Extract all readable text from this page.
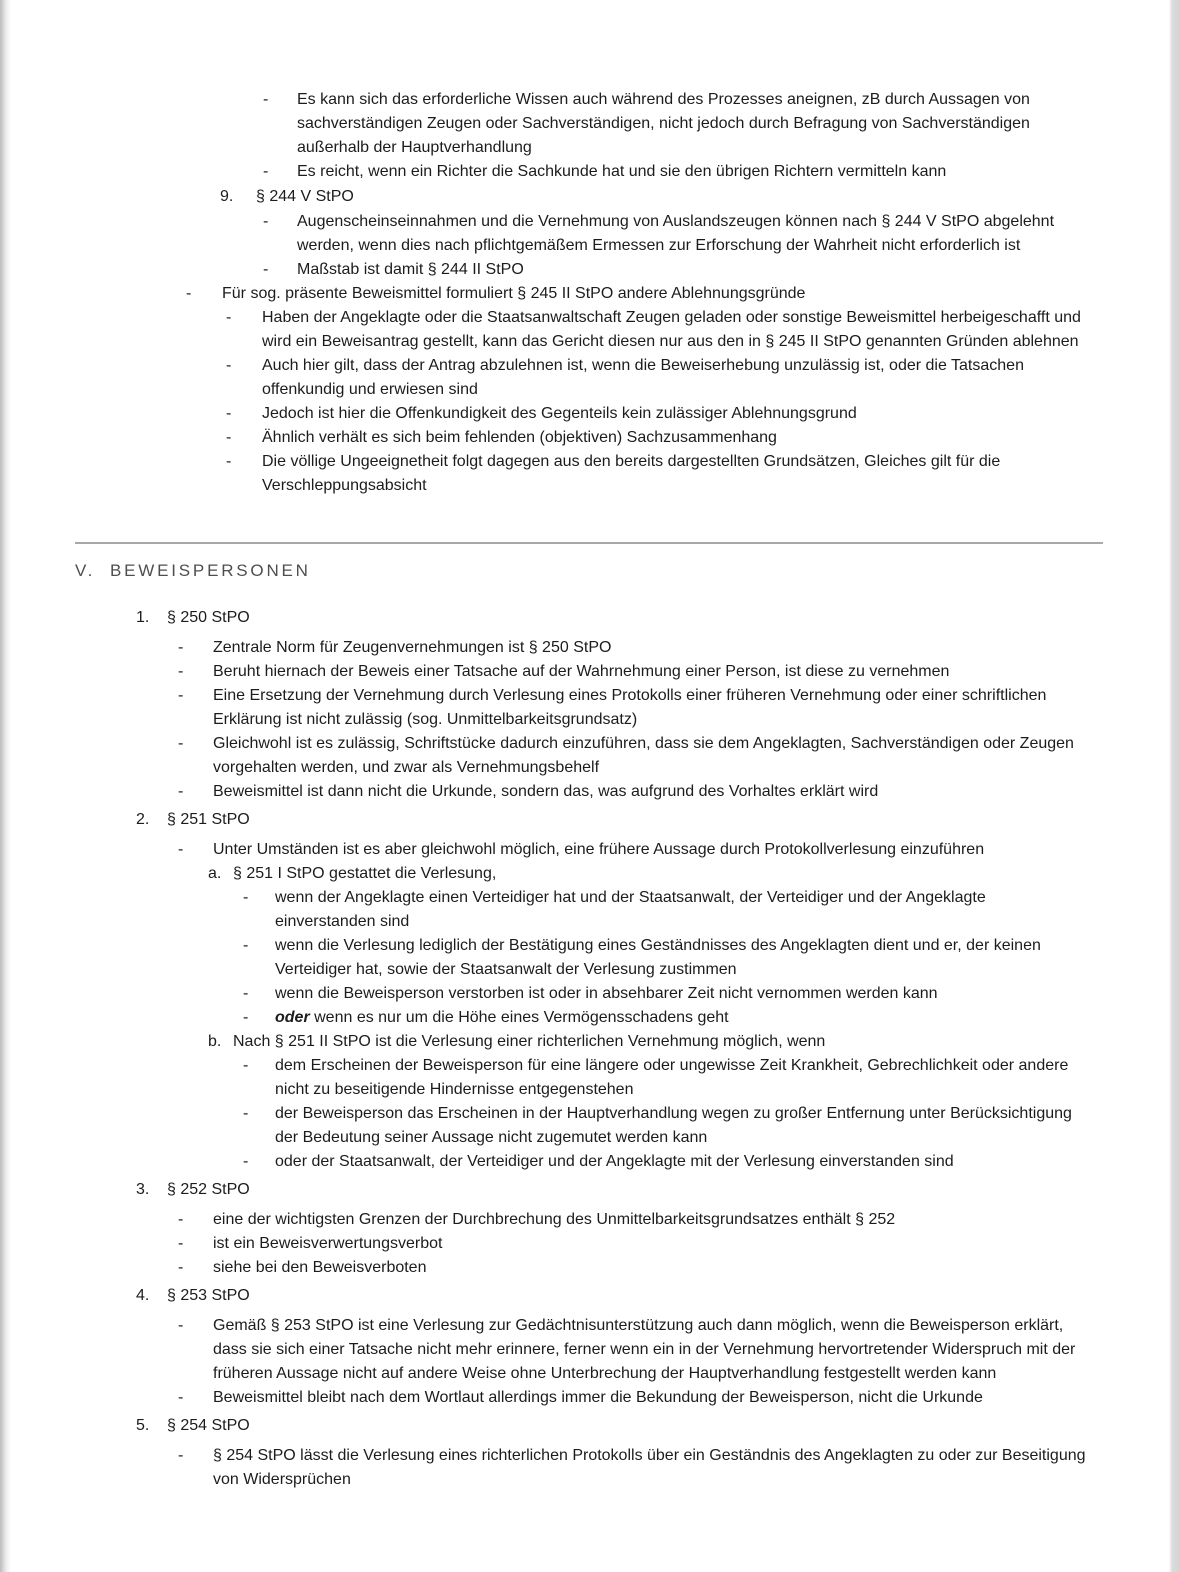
- Es kann sich das erforderliche Wissen auch während des Prozesses aneignen, zB durch Aussagen von sachverständigen Zeugen oder Sachverständigen, nicht jedoch durch Befragung von Sachverständigen außerhalb der Hauptverhandlung
- Es reicht, wenn ein Richter die Sachkunde hat und sie den übrigen Richtern vermitteln kann
9. § 244 V StPO
- Augenscheinseinnahmen und die Vernehmung von Auslandszeugen können nach § 244 V StPO abgelehnt werden, wenn dies nach pflichtgemäßem Ermessen zur Erforschung der Wahrheit nicht erforderlich ist
- Maßstab ist damit § 244 II StPO
- Für sog. präsente Beweismittel formuliert § 245 II StPO andere Ablehnungsgründe
- Haben der Angeklagte oder die Staatsanwaltschaft Zeugen geladen oder sonstige Beweismittel herbeigeschafft und wird ein Beweisantrag gestellt, kann das Gericht diesen nur aus den in § 245 II StPO genannten Gründen ablehnen
- Auch hier gilt, dass der Antrag abzulehnen ist, wenn die Beweiserhebung unzulässig ist, oder die Tatsachen offenkundig und erwiesen sind
- Jedoch ist hier die Offenkundigkeit des Gegenteils kein zulässiger Ablehnungsgrund
- Ähnlich verhält es sich beim fehlenden (objektiven) Sachzusammenhang
- Die völlige Ungeeignetheit folgt dagegen aus den bereits dargestellten Grundsätzen, Gleiches gilt für die Verschleppungsabsicht
V. BEWEISPERSONEN
1. § 250 StPO
- Zentrale Norm für Zeugenvernehmungen ist § 250 StPO
- Beruht hiernach der Beweis einer Tatsache auf der Wahrnehmung einer Person, ist diese zu vernehmen
- Eine Ersetzung der Vernehmung durch Verlesung eines Protokolls einer früheren Vernehmung oder einer schriftlichen Erklärung ist nicht zulässig (sog. Unmittelbarkeitsgrundsatz)
- Gleichwohl ist es zulässig, Schriftstücke dadurch einzuführen, dass sie dem Angeklagten, Sachverständigen oder Zeugen vorgehalten werden, und zwar als Vernehmungsbehelf
- Beweismittel ist dann nicht die Urkunde, sondern das, was aufgrund des Vorhaltes erklärt wird
2. § 251 StPO
- Unter Umständen ist es aber gleichwohl möglich, eine frühere Aussage durch Protokollverlesung einzuführen
a. § 251 I StPO gestattet die Verlesung,
- wenn der Angeklagte einen Verteidiger hat und der Staatsanwalt, der Verteidiger und der Angeklagte einverstanden sind
- wenn die Verlesung lediglich der Bestätigung eines Geständnisses des Angeklagten dient und er, der keinen Verteidiger hat, sowie der Staatsanwalt der Verlesung zustimmen
- wenn die Beweisperson verstorben ist oder in absehbarer Zeit nicht vernommen werden kann
- oder wenn es nur um die Höhe eines Vermögensschadens geht
b. Nach § 251 II StPO ist die Verlesung einer richterlichen Vernehmung möglich, wenn
- dem Erscheinen der Beweisperson für eine längere oder ungewisse Zeit Krankheit, Gebrechlichkeit oder andere nicht zu beseitigende Hindernisse entgegenstehen
- der Beweisperson das Erscheinen in der Hauptverhandlung wegen zu großer Entfernung unter Berücksichtigung der Bedeutung seiner Aussage nicht zugemutet werden kann
- oder der Staatsanwalt, der Verteidiger und der Angeklagte mit der Verlesung einverstanden sind
3. § 252 StPO
- eine der wichtigsten Grenzen der Durchbrechung des Unmittelbarkeitsgrundsatzes enthält § 252
- ist ein Beweisverwertungsverbot
- siehe bei den Beweisverboten
4. § 253 StPO
- Gemäß § 253 StPO ist eine Verlesung zur Gedächtnisunterstützung auch dann möglich, wenn die Beweisperson erklärt, dass sie sich einer Tatsache nicht mehr erinnere, ferner wenn ein in der Vernehmung hervortretender Widerspruch mit der früheren Aussage nicht auf andere Weise ohne Unterbrechung der Hauptverhandlung festgestellt werden kann
- Beweismittel bleibt nach dem Wortlaut allerdings immer die Bekundung der Beweisperson, nicht die Urkunde
5. § 254 StPO
- § 254 StPO lässt die Verlesung eines richterlichen Protokolls über ein Geständnis des Angeklagten zu oder zur Beseitigung von Widersprüchen
